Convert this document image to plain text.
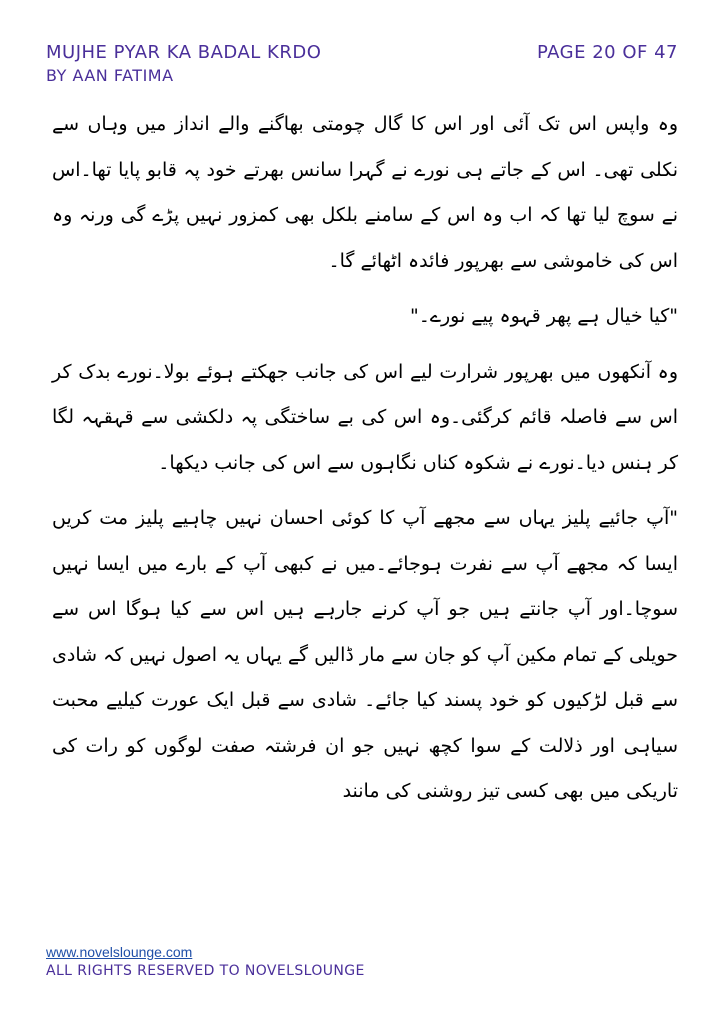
MUJHE PYAR KA BADAL KRDO
BY AAN FATIMA
PAGE 20 OF 47

وہ واپس اس تک آئی اور اس کا گال چومتی بھاگنے والے انداز میں وہاں سے نکلی تھی۔ اس کے جاتے ہی نورے نے گہرا سانس بھرتے خود پہ قابو پایا تھا۔اس نے سوچ لیا تھا کہ اب وہ اس کے سامنے بلکل بھی کمزور نہیں پڑے گی ورنہ وہ اس کی خاموشی سے بھرپور فائدہ اٹھائے گا۔

"کیا خیال ہے پھر قہوہ پیے نورے۔"

وہ آنکھوں میں بھرپور شرارت لیے اس کی جانب جھکتے ہوئے بولا۔نورے بدک کر اس سے فاصلہ قائم کرگئی۔وہ اس کی بے ساختگی پہ دلکشی سے قہقہہ لگا کر ہنس دیا۔نورے نے شکوہ کناں نگاہوں سے اس کی جانب دیکھا۔

"آپ جائیے پلیز یہاں سے مجھے آپ کا کوئی احسان نہیں چاہیے پلیز مت کریں ایسا کہ مجھے آپ سے نفرت ہوجائے۔میں نے کبھی آپ کے بارے میں ایسا نہیں سوچا۔اور آپ جانتے ہیں جو آپ کرنے جارہے ہیں اس سے کیا ہوگا اس سے حویلی کے تمام مکین آپ کو جان سے مار ڈالیں گے یہاں یہ اصول نہیں کہ شادی سے قبل لڑکیوں کو خود پسند کیا جائے۔ شادی سے قبل ایک عورت کیلیے محبت سیاہی اور ذلالت کے سوا کچھ نہیں جو ان فرشتہ صفت لوگوں کو رات کی تاریکی میں بھی کسی تیز روشنی کی مانند

www.novelslounge.com
ALL RIGHTS RESERVED TO NOVELSLOUNGE
